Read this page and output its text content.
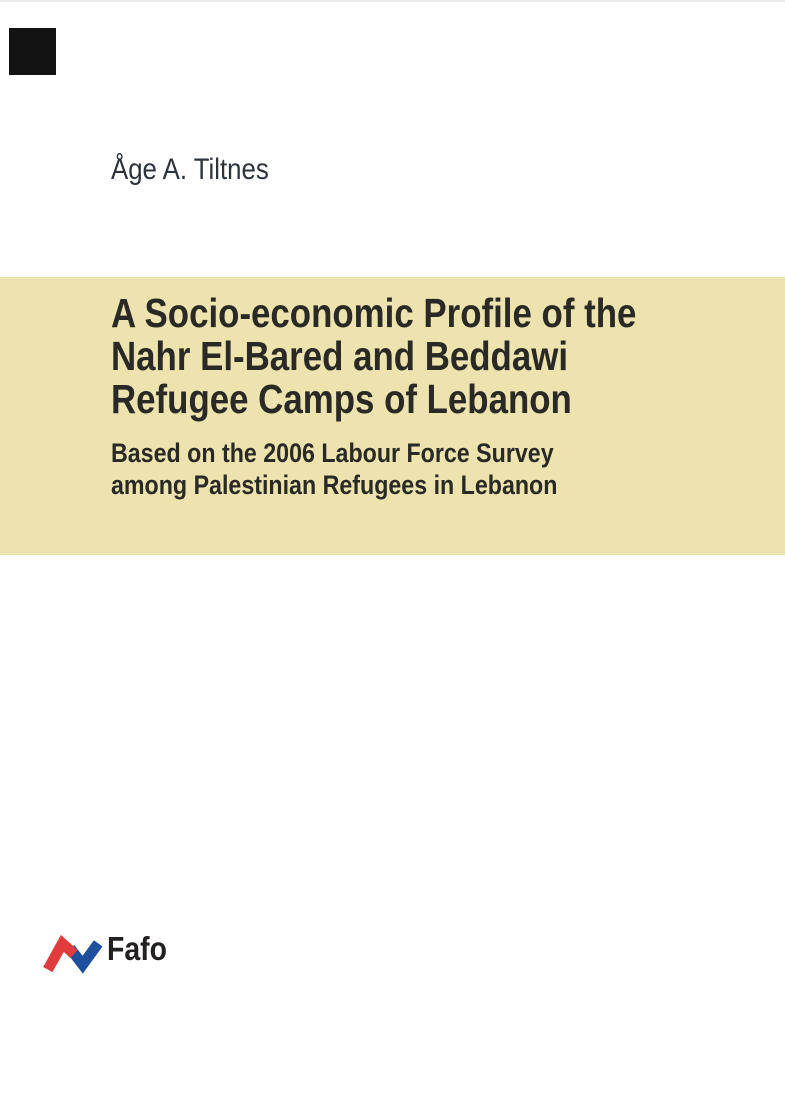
Åge A. Tiltnes
A Socio-economic Profile of the
Nahr El-Bared and Beddawi
Refugee Camps of Lebanon
Based on the 2006 Labour Force Survey
among Palestinian Refugees in Lebanon
Fafo
